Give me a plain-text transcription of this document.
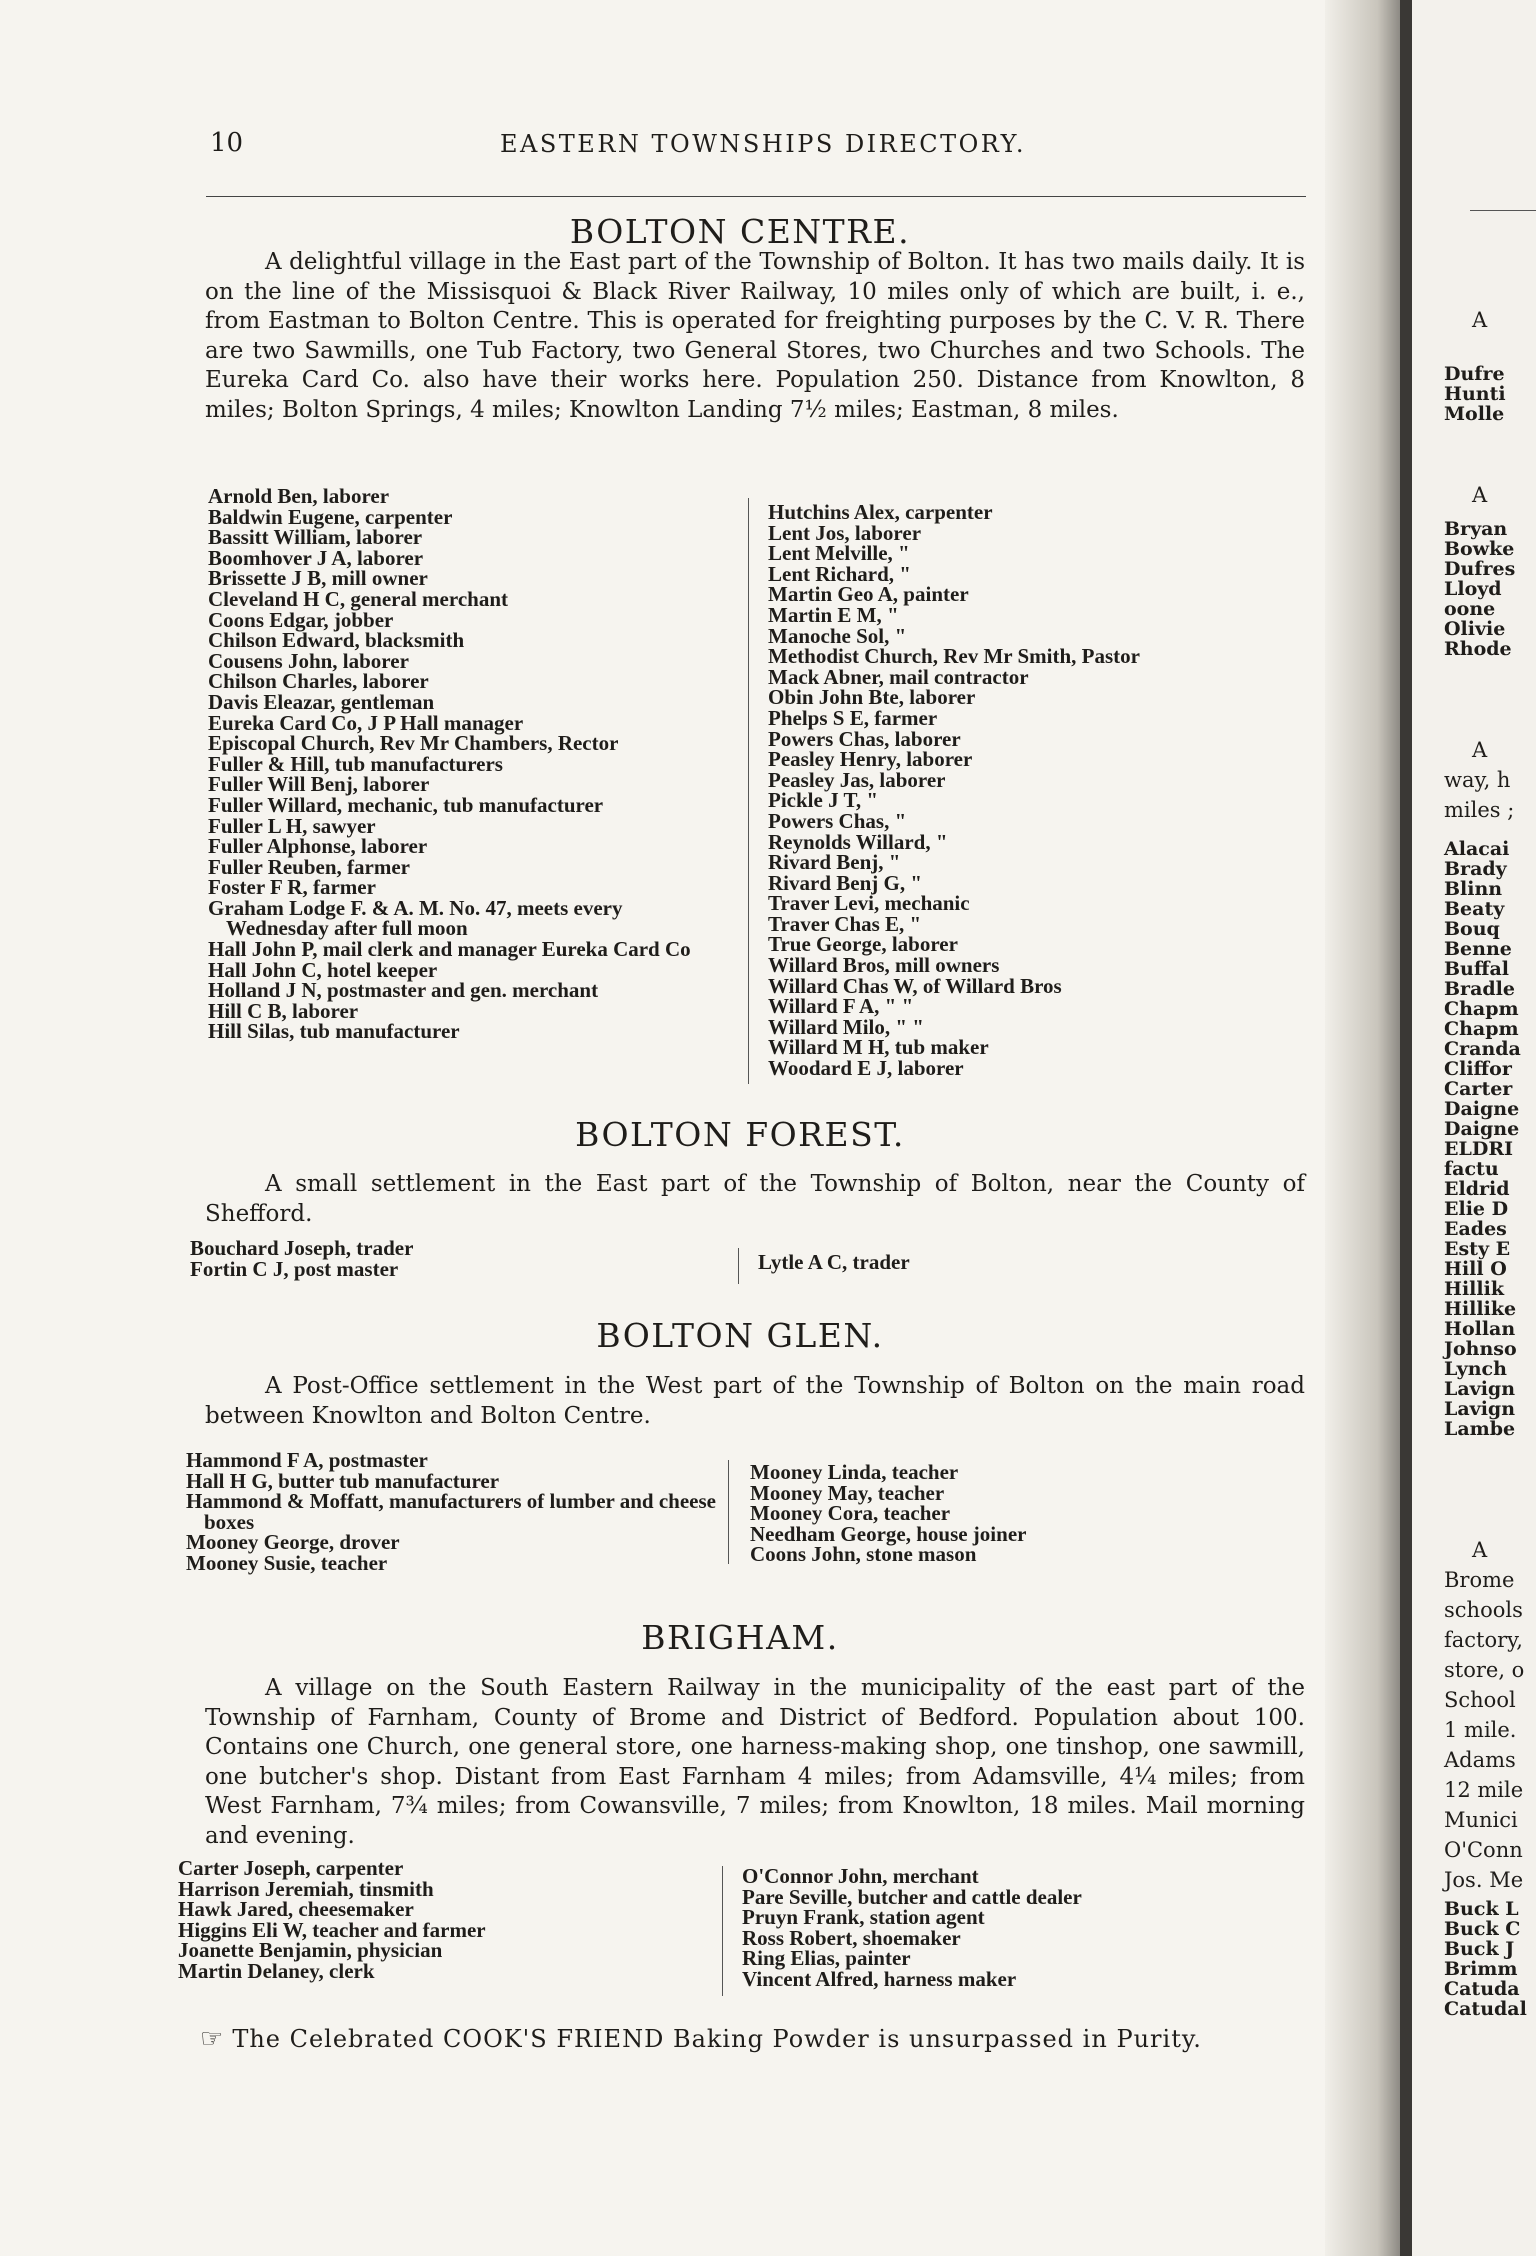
10	EASTERN TOWNSHIPS DIRECTORY.
BOLTON CENTRE.

A delightful village in the East part of the Township of Bolton. It has two mails daily. It is on the line of the Missisquoi & Black River Railway, 10 miles only of which are built, i. e., from Eastman to Bolton Centre. This is operated for freighting purposes by the C. V. R. There are two Sawmills, one Tub Factory, two General Stores, two Churches and two Schools. The Eureka Card Co. also have their works here. Population 250. Distance from Knowlton, 8 miles; Bolton Springs, 4 miles; Knowlton Landing 7½ miles; Eastman, 8 miles.

Arnold Ben, laborer
Baldwin Eugene, carpenter
Bassitt William, laborer
Boomhover J A, laborer
Brissette J B, mill owner
Cleveland H C, general merchant
Coons Edgar, jobber
Chilson Edward, blacksmith
Cousens John, laborer
Chilson Charles, laborer
Davis Eleazar, gentleman
Eureka Card Co, J P Hall manager
Episcopal Church, Rev Mr Chambers, Rector
Fuller & Hill, tub manufacturers
Fuller Will Benj, laborer
Fuller Willard, mechanic, tub manufacturer
Fuller L H, sawyer
Fuller Alphonse, laborer
Fuller Reuben, farmer
Foster F R, farmer
Graham Lodge F. & A. M. No. 47, meets every Wednesday after full moon
Hall John P, mail clerk and manager Eureka Card Co
Hall John C, hotel keeper
Holland J N, postmaster and gen. merchant
Hill C B, laborer
Hill Silas, tub manufacturer
Hutchins Alex, carpenter
Lent Jos, laborer
Lent Melville, "
Lent Richard, "
Martin Geo A, painter
Martin E M, "
Manoche Sol, "
Methodist Church, Rev Mr Smith, Pastor
Mack Abner, mail contractor
Obin John Bte, laborer
Phelps S E, farmer
Powers Chas, laborer
Peasley Henry, laborer
Peasley Jas, laborer
Pickle J T, "
Powers Chas, "
Reynolds Willard, "
Rivard Benj, "
Rivard Benj G, "
Traver Levi, mechanic
Traver Chas E, "
True George, laborer
Willard Bros, mill owners
Willard Chas W, of Willard Bros
Willard F A, " "
Willard Milo, " "
Willard M H, tub maker
Woodard E J, laborer
BOLTON FOREST.

A small settlement in the East part of the Township of Bolton, near the County of Shefford.

Bouchard Joseph, trader
Fortin C J, post master	Lytle A C, trader
BOLTON GLEN.

A Post-Office settlement in the West part of the Township of Bolton on the main road between Knowlton and Bolton Centre.

Hammond F A, postmaster
Hall H G, butter tub manufacturer
Hammond & Moffatt, manufacturers of lumber and cheese boxes
Mooney George, drover
Mooney Susie, teacher
Mooney Linda, teacher
Mooney May, teacher
Mooney Cora, teacher
Needham George, house joiner
Coons John, stone mason
BRIGHAM.

A village on the South Eastern Railway in the municipality of the east part of the Township of Farnham, County of Brome and District of Bedford. Population about 100. Contains one Church, one general store, one harness-making shop, one tinshop, one sawmill, one butcher's shop. Distant from East Farnham 4 miles; from Adamsville, 4¼ miles; from West Farnham, 7¾ miles; from Cowansville, 7 miles; from Knowlton, 18 miles. Mail morning and evening.

Carter Joseph, carpenter
Harrison Jeremiah, tinsmith
Hawk Jared, cheesemaker
Higgins Eli W, teacher and farmer
Joanette Benjamin, physician
Martin Delaney, clerk
O'Connor John, merchant
Pare Seville, butcher and cattle dealer
Pruyn Frank, station agent
Ross Robert, shoemaker
Ring Elias, painter
Vincent Alfred, harness maker
☞ The Celebrated COOK'S FRIEND Baking Powder is unsurpassed in Purity.
A
Dufre
Hunti
Molle
A
Bryan
Bowke
Dufres
Lloyd
oone
Olivie
Rhode
A
way, h
miles ;
Alacai
Brady
Blinn
Beaty
Bouq
Benne
Buffal
Bradle
Chapm
Chapm
Cranda
Cliffor
Carter
Daigne
Daigne
ELDRI
factu
Eldrid
Elie D
Eades
Esty E
Hill O
Hillik
Hillike
Hollan
Johnso
Lynch
Lavign
Lavign
Lambe
A
Brome
schools
factory,
store, o
School
1 mile.
Adams
12 mile
Munici
O'Conn
Jos. Me
Buck L
Buck C
Buck J
Brimm
Catuda
Catudal
